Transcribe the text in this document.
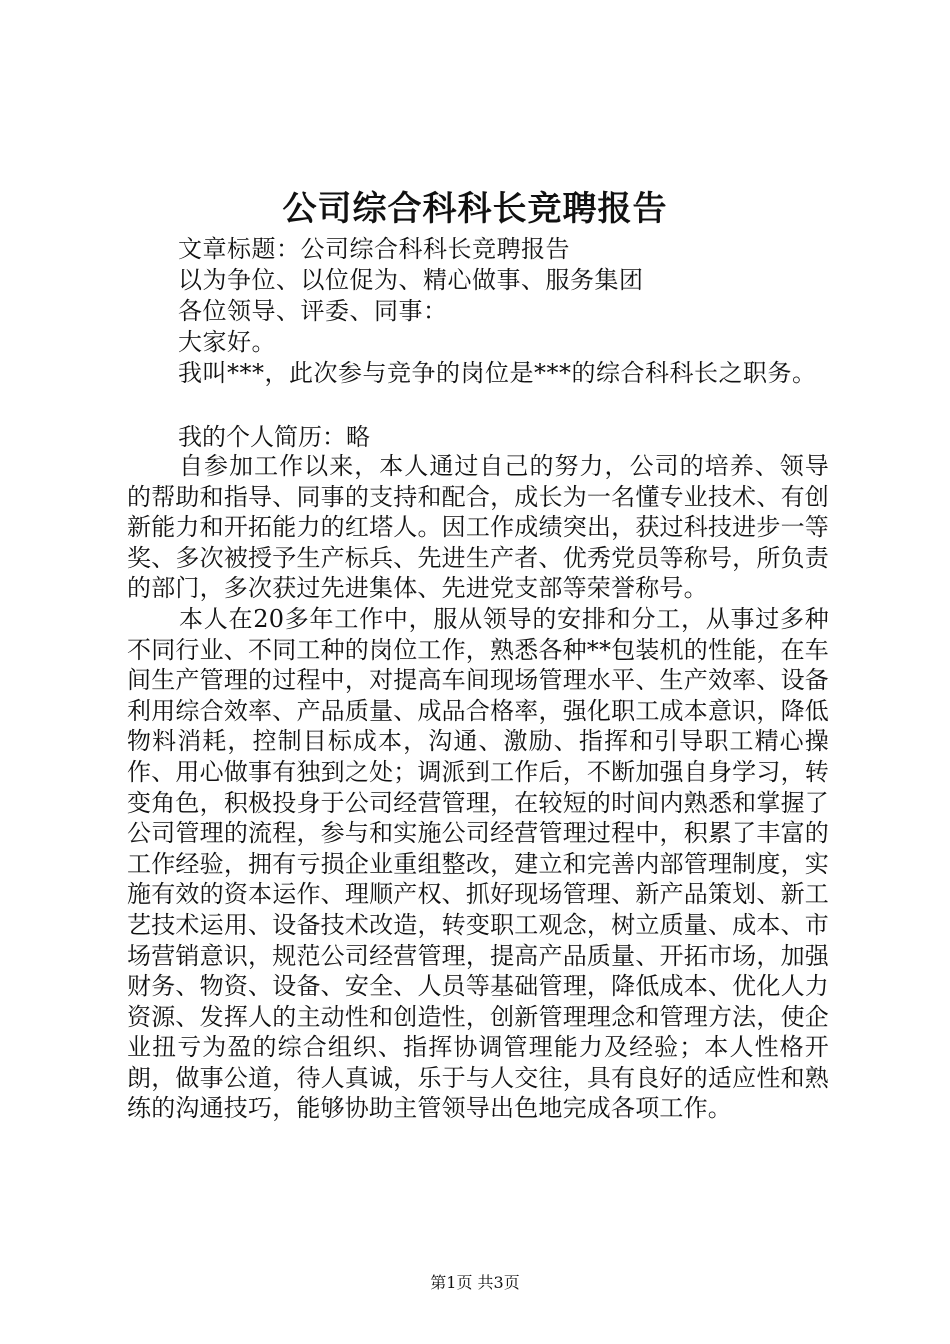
公司综合科科长竞聘报告
文章标题：公司综合科科长竞聘报告
以为争位、以位促为、精心做事、服务集团
各位领导、评委、同事：
大家好。
我叫***，此次参与竞争的岗位是***的综合科科长之职务。
我的个人简历：略

自参加工作以来，本人通过自己的努力，公司的培养、领导的帮助和指导、同事的支持和配合，成长为一名懂专业技术、有创新能力和开拓能力的红塔人。因工作成绩突出，获过科技进步一等奖、多次被授予生产标兵、先进生产者、优秀党员等称号，所负责的部门，多次获过先进集体、先进党支部等荣誉称号。

本人在20多年工作中，服从领导的安排和分工，从事过多种不同行业、不同工种的岗位工作，熟悉各种**包装机的性能，在车间生产管理的过程中，对提高车间现场管理水平、生产效率、设备利用综合效率、产品质量、成品合格率，强化职工成本意识，降低物料消耗，控制目标成本，沟通、激励、指挥和引导职工精心操作、用心做事有独到之处；调派到工作后，不断加强自身学习，转变角色，积极投身于公司经营管理，在较短的时间内熟悉和掌握了公司管理的流程，参与和实施公司经营管理过程中，积累了丰富的工作经验，拥有亏损企业重组整改，建立和完善内部管理制度，实施有效的资本运作、理顺产权、抓好现场管理、新产品策划、新工艺技术运用、设备技术改造，转变职工观念，树立质量、成本、市场营销意识，规范公司经营管理，提高产品质量、开拓市场，加强财务、物资、设备、安全、人员等基础管理，降低成本、优化人力资源、发挥人的主动性和创造性，创新管理理念和管理方法，使企业扭亏为盈的综合组织、指挥协调管理能力及经验；本人性格开朗，做事公道，待人真诚，乐于与人交往，具有良好的适应性和熟练的沟通技巧，能够协助主管领导出色地完成各项工作。

第1页 共3页
